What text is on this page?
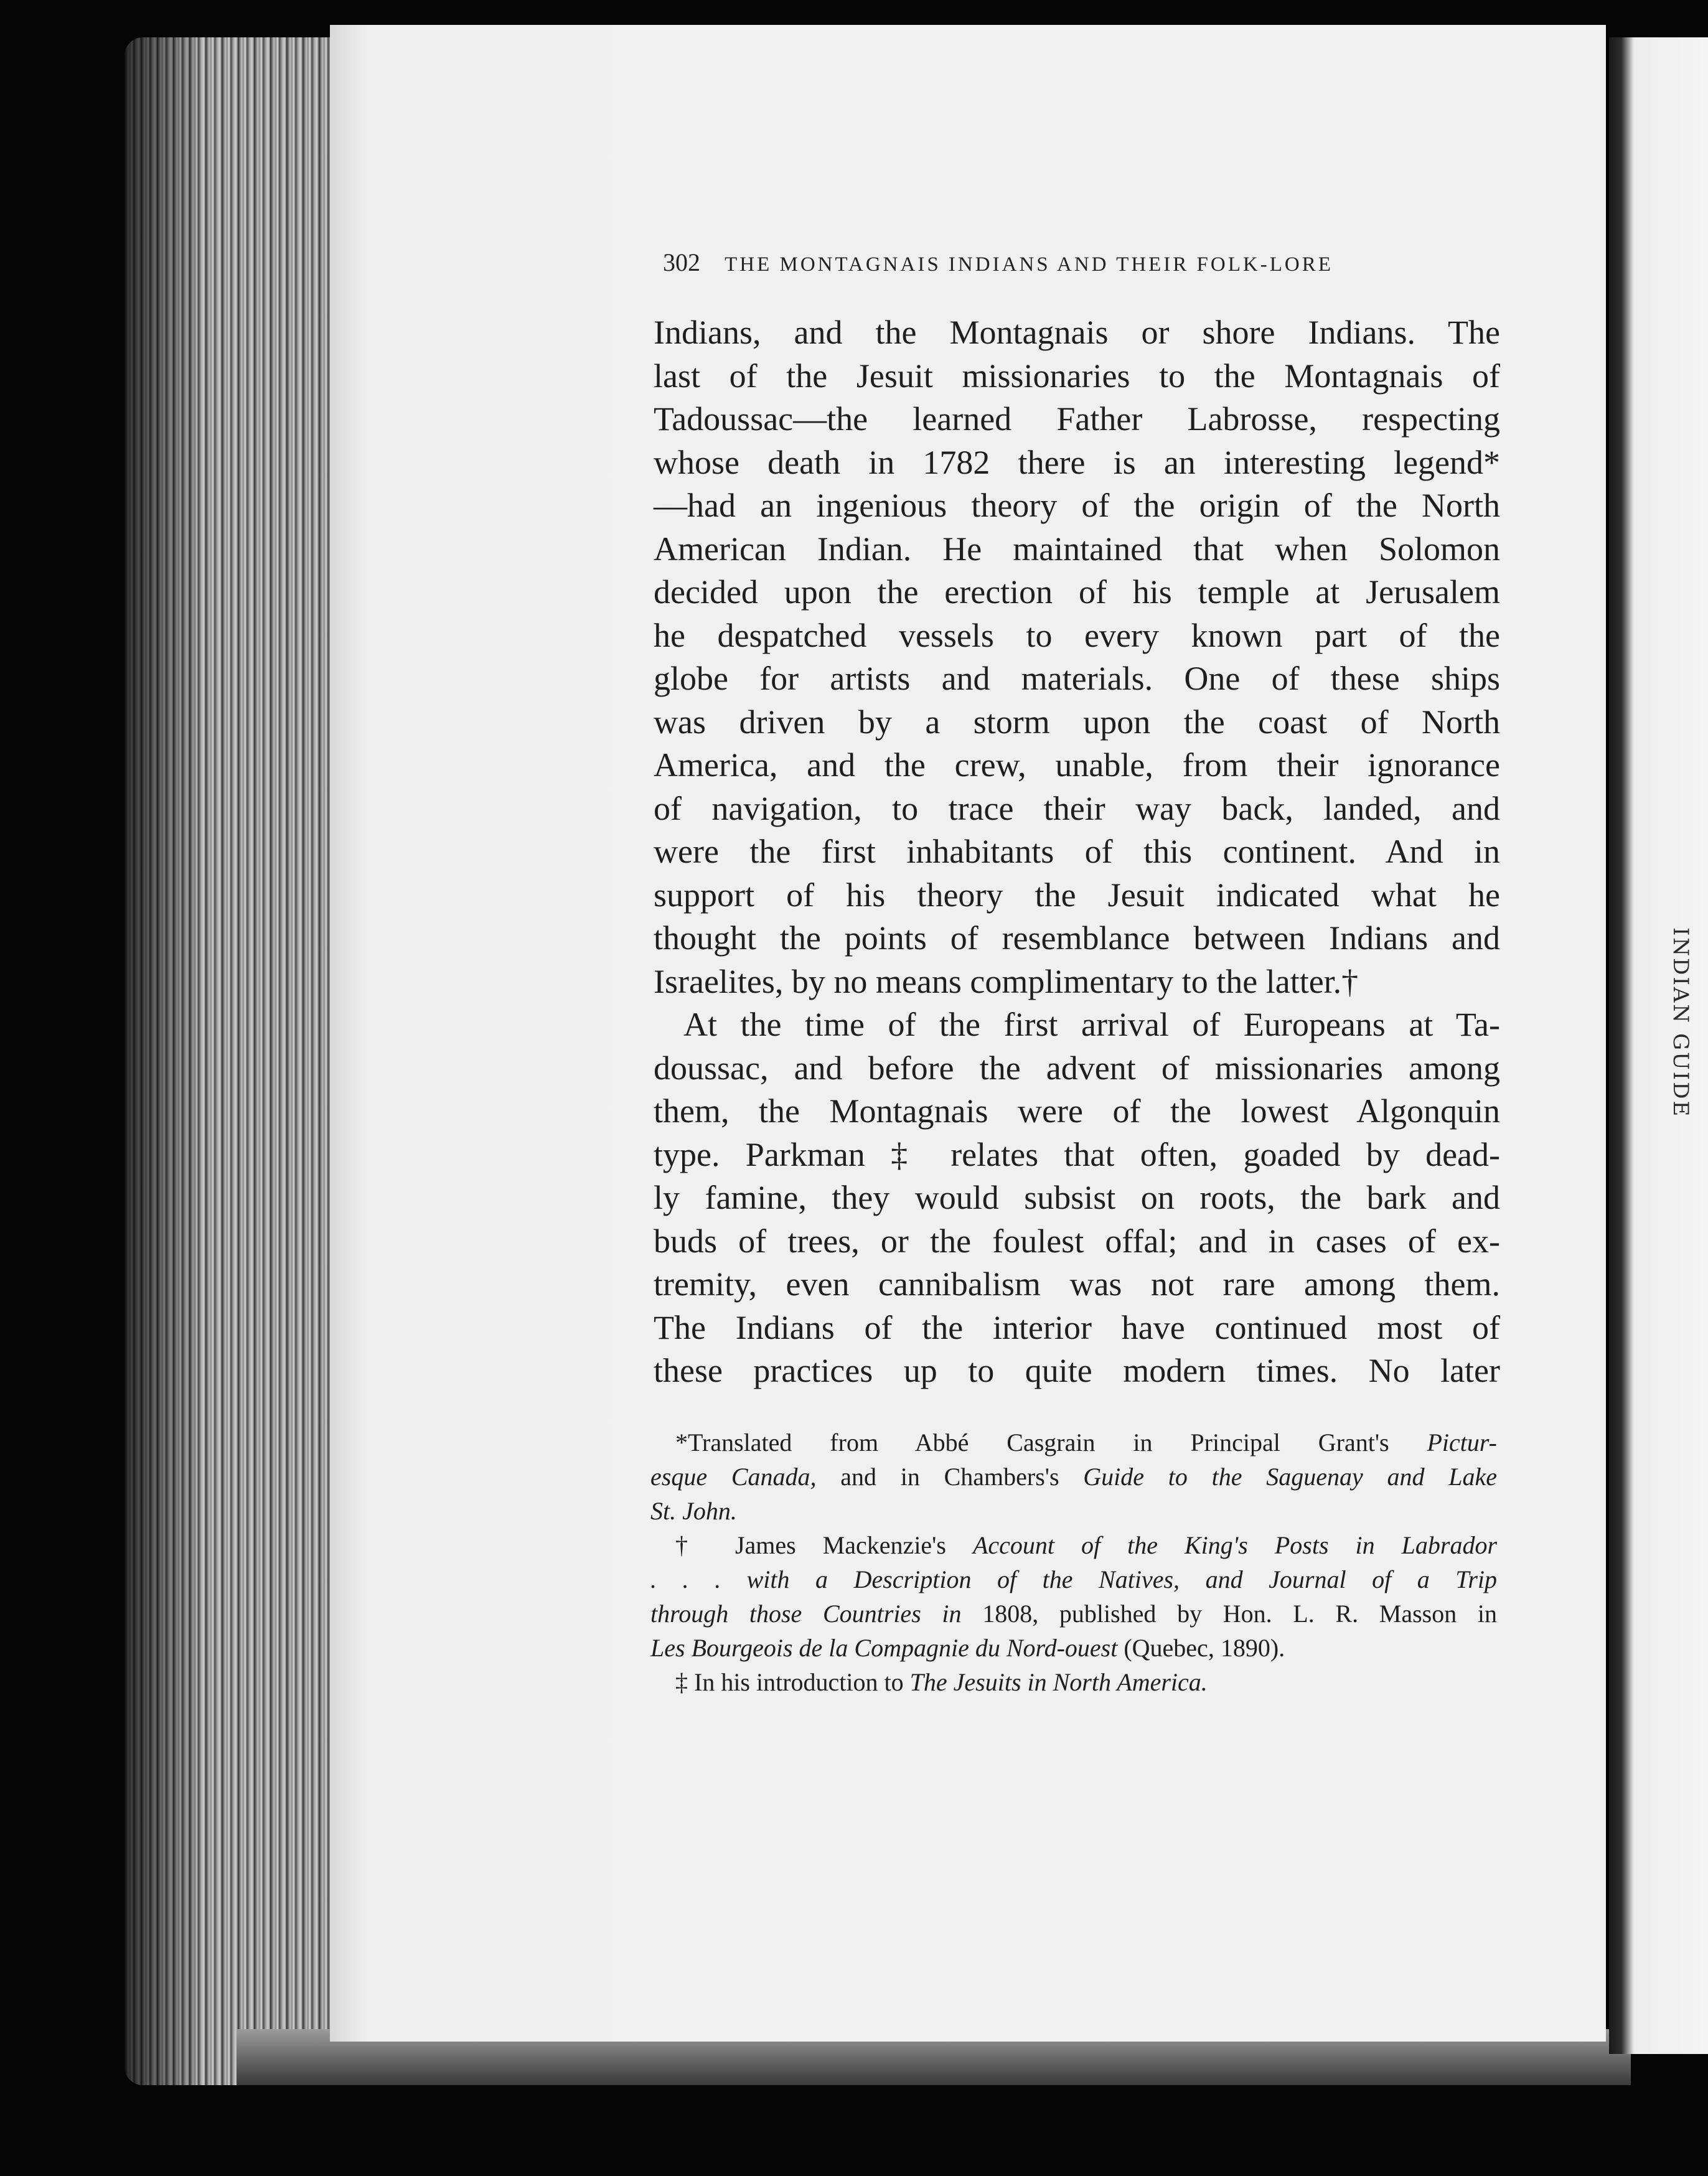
INDIAN GUIDE
302 THE MONTAGNAIS INDIANS AND THEIR FOLK-LORE
Indians, and the Montagnais or shore Indians. The
last of the Jesuit missionaries to the Montagnais of
Tadoussac—the learned Father Labrosse, respecting
whose death in 1782 there is an interesting legend*
—had an ingenious theory of the origin of the North
American Indian. He maintained that when Solomon
decided upon the erection of his temple at Jerusalem
he despatched vessels to every known part of the
globe for artists and materials. One of these ships
was driven by a storm upon the coast of North
America, and the crew, unable, from their ignorance
of navigation, to trace their way back, landed, and
were the first inhabitants of this continent. And in
support of his theory the Jesuit indicated what he
thought the points of resemblance between Indians and
Israelites, by no means complimentary to the latter.†
At the time of the first arrival of Europeans at Ta-
doussac, and before the advent of missionaries among
them, the Montagnais were of the lowest Algonquin
type. Parkman ‡ relates that often, goaded by dead-
ly famine, they would subsist on roots, the bark and
buds of trees, or the foulest offal; and in cases of ex-
tremity, even cannibalism was not rare among them.
The Indians of the interior have continued most of
these practices up to quite modern times. No later
*Translated from Abbé Casgrain in Principal Grant's Pictur-
esque Canada, and in Chambers's Guide to the Saguenay and Lake
St. John.
† James Mackenzie's Account of the King's Posts in Labrador
. . . with a Description of the Natives, and Journal of a Trip
through those Countries in 1808, published by Hon. L. R. Masson in
Les Bourgeois de la Compagnie du Nord-ouest (Quebec, 1890).
‡ In his introduction to The Jesuits in North America.
